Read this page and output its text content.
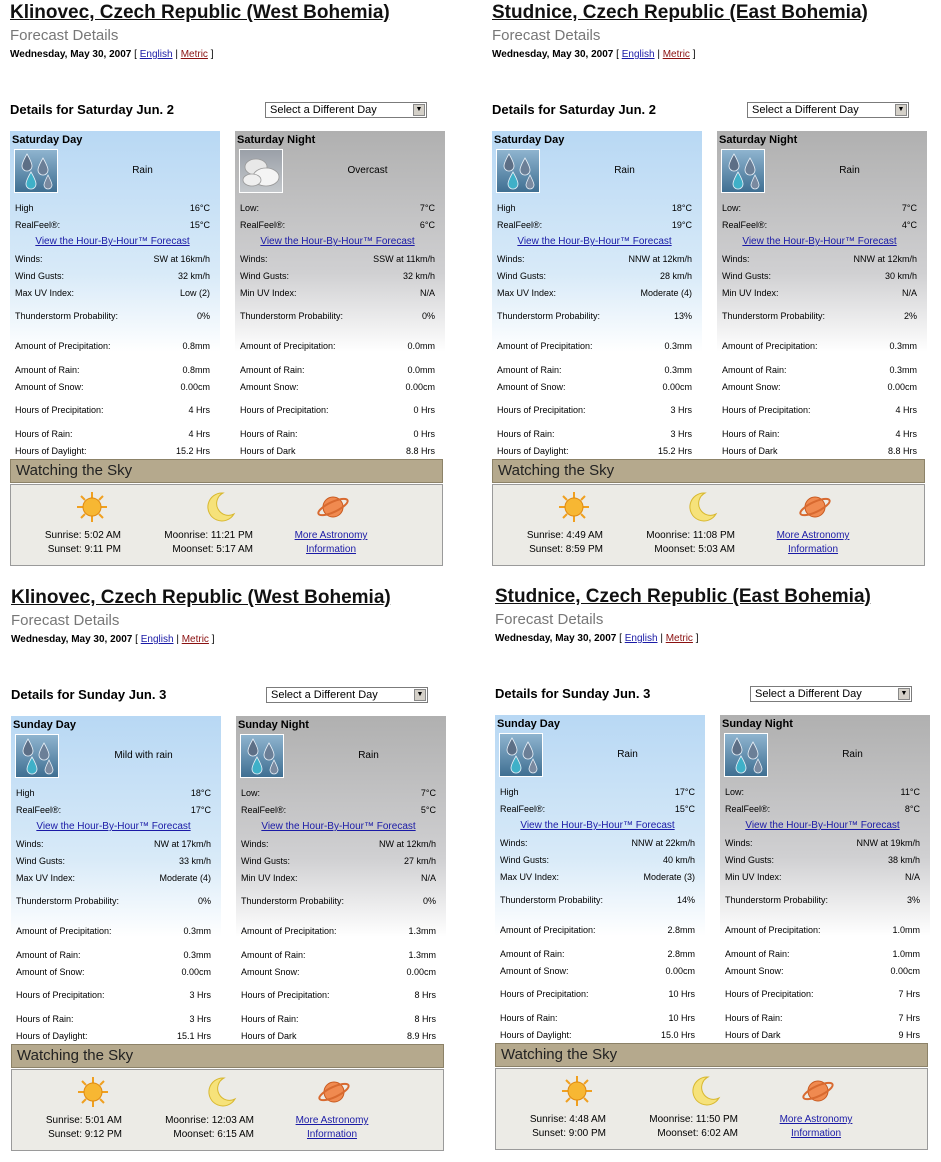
Klinovec, Czech Republic (West Bohemia)
Forecast Details
Wednesday, May 30, 2007 [ English | Metric ]
Details for Saturday Jun. 2	Select a Different Day	▼
Saturday Day
Rain
High	16°C
RealFeel®:	15°C
View the Hour-By-Hour™ Forecast
Winds:	SW at 16km/h
Wind Gusts:	32 km/h
Max UV Index:	Low (2)
Thunderstorm Probability:	0%
Amount of Precipitation:	0.8mm
Amount of Rain:	0.8mm
Amount of Snow:	0.00cm
Hours of Precipitation:	4 Hrs
Hours of Rain:	4 Hrs
Hours of Daylight:	15.2 Hrs
Saturday Night
Overcast
Low:	7°C
RealFeel®:	6°C
View the Hour-By-Hour™ Forecast
Winds:	SSW at 11km/h
Wind Gusts:	32 km/h
Min UV Index:	N/A
Thunderstorm Probability:	0%
Amount of Precipitation:	0.0mm
Amount of Rain:	0.0mm
Amount Snow:	0.00cm
Hours of Precipitation:	0 Hrs
Hours of Rain:	0 Hrs
Hours of Dark	8.8 Hrs
Watching the Sky
Sunrise: 5:02 AM
Sunset: 9:11 PM
Moonrise: 11:21 PM
Moonset: 5:17 AM
More Astronomy
Information
Studnice, Czech Republic (East Bohemia)
Forecast Details
Wednesday, May 30, 2007 [ English | Metric ]
Details for Saturday Jun. 2	Select a Different Day	▼
Saturday Day
Rain
High	18°C
RealFeel®:	19°C
View the Hour-By-Hour™ Forecast
Winds:	NNW at 12km/h
Wind Gusts:	28 km/h
Max UV Index:	Moderate (4)
Thunderstorm Probability:	13%
Amount of Precipitation:	0.3mm
Amount of Rain:	0.3mm
Amount of Snow:	0.00cm
Hours of Precipitation:	3 Hrs
Hours of Rain:	3 Hrs
Hours of Daylight:	15.2 Hrs
Saturday Night
Rain
Low:	7°C
RealFeel®:	4°C
View the Hour-By-Hour™ Forecast
Winds:	NNW at 12km/h
Wind Gusts:	30 km/h
Min UV Index:	N/A
Thunderstorm Probability:	2%
Amount of Precipitation:	0.3mm
Amount of Rain:	0.3mm
Amount Snow:	0.00cm
Hours of Precipitation:	4 Hrs
Hours of Rain:	4 Hrs
Hours of Dark	8.8 Hrs
Watching the Sky
Sunrise: 4:49 AM
Sunset: 8:59 PM
Moonrise: 11:08 PM
Moonset: 5:03 AM
More Astronomy
Information
Klinovec, Czech Republic (West Bohemia)
Forecast Details
Wednesday, May 30, 2007 [ English | Metric ]
Details for Sunday Jun. 3	Select a Different Day	▼
Sunday Day
Mild with rain
High	18°C
RealFeel®:	17°C
View the Hour-By-Hour™ Forecast
Winds:	NW at 17km/h
Wind Gusts:	33 km/h
Max UV Index:	Moderate (4)
Thunderstorm Probability:	0%
Amount of Precipitation:	0.3mm
Amount of Rain:	0.3mm
Amount of Snow:	0.00cm
Hours of Precipitation:	3 Hrs
Hours of Rain:	3 Hrs
Hours of Daylight:	15.1 Hrs
Sunday Night
Rain
Low:	7°C
RealFeel®:	5°C
View the Hour-By-Hour™ Forecast
Winds:	NW at 12km/h
Wind Gusts:	27 km/h
Min UV Index:	N/A
Thunderstorm Probability:	0%
Amount of Precipitation:	1.3mm
Amount of Rain:	1.3mm
Amount Snow:	0.00cm
Hours of Precipitation:	8 Hrs
Hours of Rain:	8 Hrs
Hours of Dark	8.9 Hrs
Watching the Sky
Sunrise: 5:01 AM
Sunset: 9:12 PM
Moonrise: 12:03 AM
Moonset: 6:15 AM
More Astronomy
Information
Studnice, Czech Republic (East Bohemia)
Forecast Details
Wednesday, May 30, 2007 [ English | Metric ]
Details for Sunday Jun. 3	Select a Different Day	▼
Sunday Day
Rain
High	17°C
RealFeel®:	15°C
View the Hour-By-Hour™ Forecast
Winds:	NNW at 22km/h
Wind Gusts:	40 km/h
Max UV Index:	Moderate (3)
Thunderstorm Probability:	14%
Amount of Precipitation:	2.8mm
Amount of Rain:	2.8mm
Amount of Snow:	0.00cm
Hours of Precipitation:	10 Hrs
Hours of Rain:	10 Hrs
Hours of Daylight:	15.0 Hrs
Sunday Night
Rain
Low:	11°C
RealFeel®:	8°C
View the Hour-By-Hour™ Forecast
Winds:	NNW at 19km/h
Wind Gusts:	38 km/h
Min UV Index:	N/A
Thunderstorm Probability:	3%
Amount of Precipitation:	1.0mm
Amount of Rain:	1.0mm
Amount Snow:	0.00cm
Hours of Precipitation:	7 Hrs
Hours of Rain:	7 Hrs
Hours of Dark	9 Hrs
Watching the Sky
Sunrise: 4:48 AM
Sunset: 9:00 PM
Moonrise: 11:50 PM
Moonset: 6:02 AM
More Astronomy
Information
